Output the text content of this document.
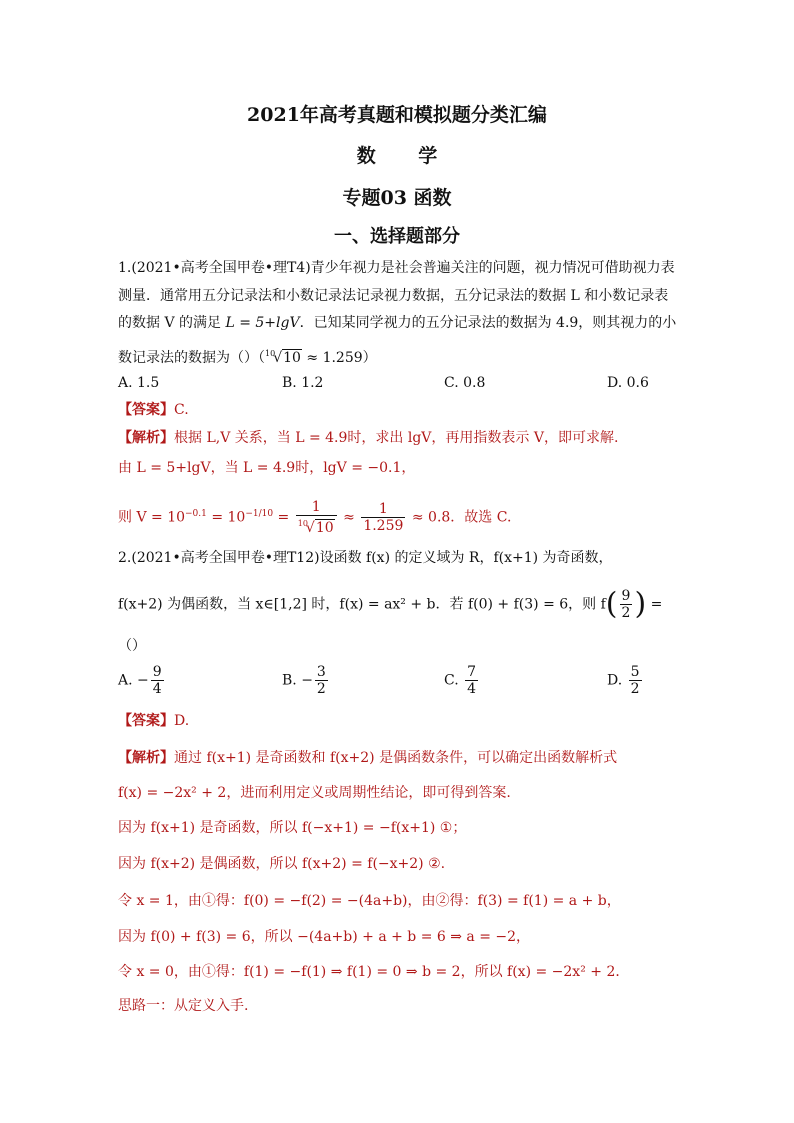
2021年高考真题和模拟题分类汇编
数 学
专题03 函数
一、选择题部分
1.(2021•高考全国甲卷•理T4)青少年视力是社会普遍关注的问题，视力情况可借助视力表
测量．通常用五分记录法和小数记录法记录视力数据，五分记录法的数据 L 和小数记录表
的数据 V 的满足 L = 5+lgV．已知某同学视力的五分记录法的数据为 4.9，则其视力的小
数记录法的数据为（）（$^{10}$√10 ≈ 1.259）
A. 1.5	B. 1.2	C. 0.8	D. 0.6
【答案】C.
【解析】根据 L,V 关系，当 L = 4.9时，求出 lgV，再用指数表示 V，即可求解.
由 L = 5+lgV，当 L = 4.9时，lgV = −0.1，
则 $V = 10^{-0.1} = 10^{-1/10} = \frac{1}{^{10}√10} \approx \frac{1}{1.259} \approx 0.8$．故选 C.
2.(2021•高考全国甲卷•理T12)设函数 f(x) 的定义域为 R，f(x+1) 为奇函数，
f(x+2) 为偶函数，当 x∈[1,2] 时，f(x) = ax² + b．若 f(0) + f(3) = 6，则 $f( \frac{9}{2}$ ) =
（）
A. − $\frac{9}{4}$	B. − $\frac{3}{2}$	C. $\frac{7}{4}$	D. $\frac{5}{2}$
【答案】D.
【解析】通过 f(x+1) 是奇函数和 f(x+2) 是偶函数条件，可以确定出函数解析式
f(x) = −2x² + 2，进而利用定义或周期性结论，即可得到答案.
因为 f(x+1) 是奇函数，所以 f(−x+1) = −f(x+1) ①；
因为 f(x+2) 是偶函数，所以 f(x+2) = f(−x+2) ②.
令 x = 1，由①得：f(0) = −f(2) = −(4a+b)，由②得：f(3) = f(1) = a + b，
因为 f(0) + f(3) = 6，所以 −(4a+b) + a + b = 6 ⇒ a = −2，
令 x = 0，由①得：f(1) = −f(1) ⇒ f(1) = 0 ⇒ b = 2，所以 f(x) = −2x² + 2．
思路一：从定义入手.
